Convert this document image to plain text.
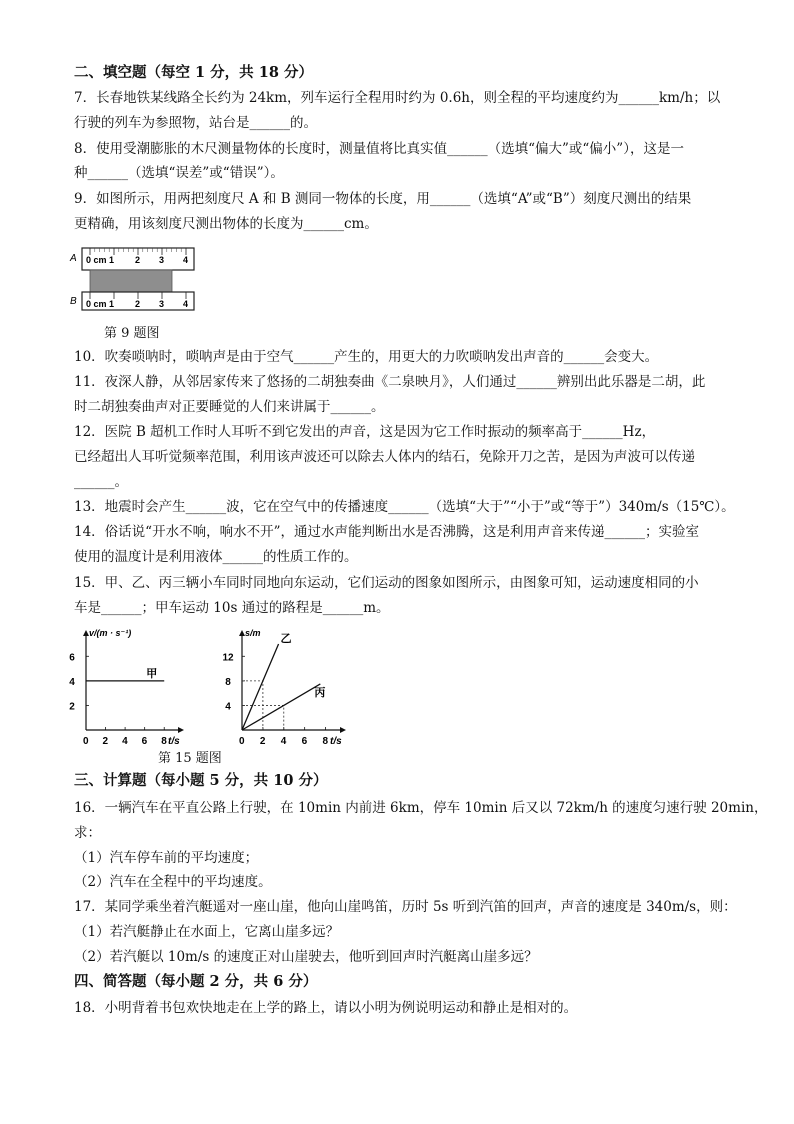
二、填空题（每空 1 分，共 18 分）
7．长春地铁某线路全长约为 24km，列车运行全程用时约为 0.6h，则全程的平均速度约为______km/h；以
行驶的列车为参照物，站台是______的。
8．使用受潮膨胀的木尺测量物体的长度时，测量值将比真实值______（选填“偏大”或“偏小”），这是一
种______（选填“误差”或“错误”）。
9．如图所示，用两把刻度尺 A 和 B 测同一物体的长度，用______（选填“A”或“B”）刻度尺测出的结果
更精确，用该刻度尺测出物体的长度为______cm。
A 0 cm 1 2 3 4
B 0 cm 1 2 3 4
第 9 题图
10．吹奏唢呐时，唢呐声是由于空气______产生的，用更大的力吹唢呐发出声音的______会变大。
11．夜深人静，从邻居家传来了悠扬的二胡独奏曲《二泉映月》，人们通过______辨别出此乐器是二胡，此
时二胡独奏曲声对正要睡觉的人们来讲属于______。
12．医院 B 超机工作时人耳听不到它发出的声音，这是因为它工作时振动的频率高于______Hz，
已经超出人耳听觉频率范围，利用该声波还可以除去人体内的结石，免除开刀之苦，是因为声波可以传递
______。
13．地震时会产生______波，它在空气中的传播速度______（选填“大于”“小于”或“等于”）340m/s（15℃）。
14．俗话说“开水不响，响水不开”，通过水声能判断出水是否沸腾，这是利用声音来传递______；实验室
使用的温度计是利用液体______的性质工作的。
15．甲、乙、丙三辆小车同时同地向东运动，它们运动的图象如图所示，由图象可知，运动速度相同的小
车是______；甲车运动 10s 通过的路程是______m。
t/s
v/(m · s⁻¹)
0 2 4 6 8
2
4
6
甲
t/s
s/m
0 2 4 6 8
4
8
12
乙
丙
第 15 题图
三、计算题（每小题 5 分，共 10 分）
16．一辆汽车在平直公路上行驶，在 10min 内前进 6km，停车 10min 后又以 72km/h 的速度匀速行驶 20min，
求：
（1）汽车停车前的平均速度；
（2）汽车在全程中的平均速度。
17．某同学乘坐着汽艇遥对一座山崖，他向山崖鸣笛，历时 5s 听到汽笛的回声，声音的速度是 340m/s，则：
（1）若汽艇静止在水面上，它离山崖多远？
（2）若汽艇以 10m/s 的速度正对山崖驶去，他听到回声时汽艇离山崖多远？
四、简答题（每小题 2 分，共 6 分）
18．小明背着书包欢快地走在上学的路上，请以小明为例说明运动和静止是相对的。
